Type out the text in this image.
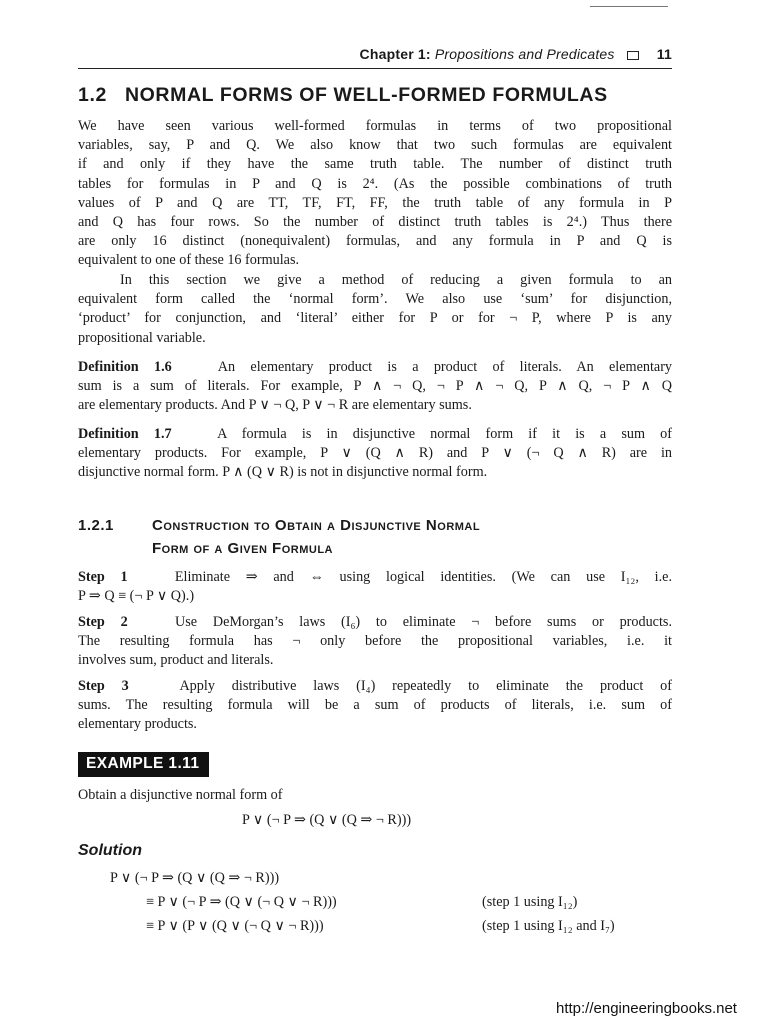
Chapter 1: Propositions and Predicates	11
1.2 NORMAL FORMS OF WELL-FORMED FORMULAS
We have seen various well-formed formulas in terms of two propositional
variables, say, P and Q. We also know that two such formulas are equivalent
if and only if they have the same truth table. The number of distinct truth
tables for formulas in P and Q is 2⁴. (As the possible combinations of truth
values of P and Q are TT, TF, FT, FF, the truth table of any formula in P
and Q has four rows. So the number of distinct truth tables is 2⁴.) Thus there
are only 16 distinct (nonequivalent) formulas, and any formula in P and Q is
equivalent to one of these 16 formulas.
In this section we give a method of reducing a given formula to an
equivalent form called the ‘normal form’. We also use ‘sum’ for disjunction,
‘product’ for conjunction, and ‘literal’ either for P or for ¬ P, where P is any
propositional variable.
Definition 1.6	An elementary product is a product of literals. An elementary
sum is a sum of literals. For example, P ∧ ¬ Q, ¬ P ∧ ¬ Q, P ∧ Q, ¬ P ∧ Q
are elementary products. And P ∨ ¬ Q, P ∨ ¬ R are elementary sums.
Definition 1.7	A formula is in disjunctive normal form if it is a sum of
elementary products. For example, P ∨ (Q ∧ R) and P ∨ (¬ Q ∧ R) are in
disjunctive normal form. P ∧ (Q ∨ R) is not in disjunctive normal form.
1.2.1	Construction to Obtain a Disjunctive Normal
Form of a Given Formula
Step 1	Eliminate ⇒ and ⇔ using logical identities. (We can use I₁₂, i.e.
P ⇒ Q ≡ (¬ P ∨ Q).)
Step 2	Use DeMorgan’s laws (I₆) to eliminate ¬ before sums or products.
The resulting formula has ¬ only before the propositional variables, i.e. it
involves sum, product and literals.
Step 3	Apply distributive laws (I₄) repeatedly to eliminate the product of
sums. The resulting formula will be a sum of products of literals, i.e. sum of
elementary products.
EXAMPLE 1.11
Obtain a disjunctive normal form of
P ∨ (¬ P ⇒ (Q ∨ (Q ⇒ ¬ R)))
Solution
P ∨ (¬ P ⇒ (Q ∨ (Q ⇒ ¬ R)))
≡ P ∨ (¬ P ⇒ (Q ∨ (¬ Q ∨ ¬ R)))	(step 1 using I₁₂)
≡ P ∨ (P ∨ (Q ∨ (¬ Q ∨ ¬ R)))	(step 1 using I₁₂ and I₇)
http://engineeringbooks.net
